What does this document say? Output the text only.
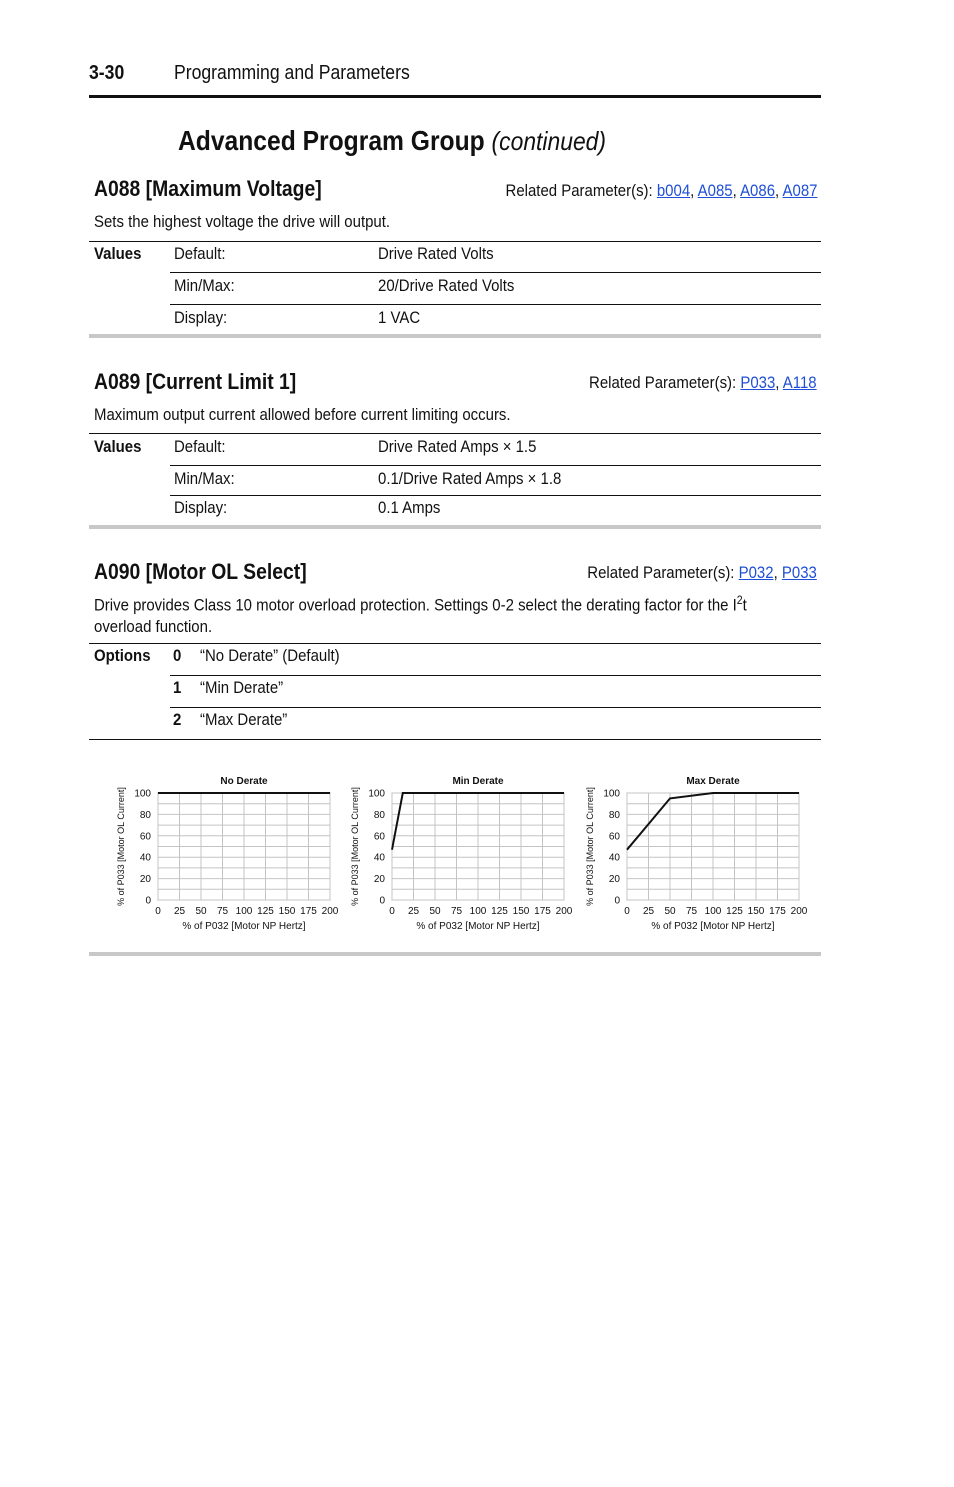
3-30 Programming and Parameters
Advanced Program Group (continued)
A088 [Maximum Voltage]	Related Parameter(s): b004, A085, A086, A087
Sets the highest voltage the drive will output.
Values	Default:	Drive Rated Volts
Min/Max:	20/Drive Rated Volts
Display:	1 VAC
A089 [Current Limit 1]	Related Parameter(s): P033, A118
Maximum output current allowed before current limiting occurs.
Values	Default:	Drive Rated Amps × 1.5
Min/Max:	0.1/Drive Rated Amps × 1.8
Display:	0.1 Amps
A090 [Motor OL Select]	Related Parameter(s): P032, P033
Drive provides Class 10 motor overload protection. Settings 0-2 select the derating factor for the $I^2t$
overload function.
Options	0 “No Derate” (Default)
1 “Min Derate”
2 “Max Derate”
No Derate
0 25 50 75 100 125 150 175 200
0
20
40
60
80
100
% of P032 [Motor NP Hertz]
% of P033 [Motor OL Current]
Min Derate
0 25 50 75 100 125 150 175 200
0
20
40
60
80
100
% of P032 [Motor NP Hertz]
% of P033 [Motor OL Current]
Max Derate
0 25 50 75 100 125 150 175 200
0
20
40
60
80
100
% of P032 [Motor NP Hertz]
% of P033 [Motor OL Current]
